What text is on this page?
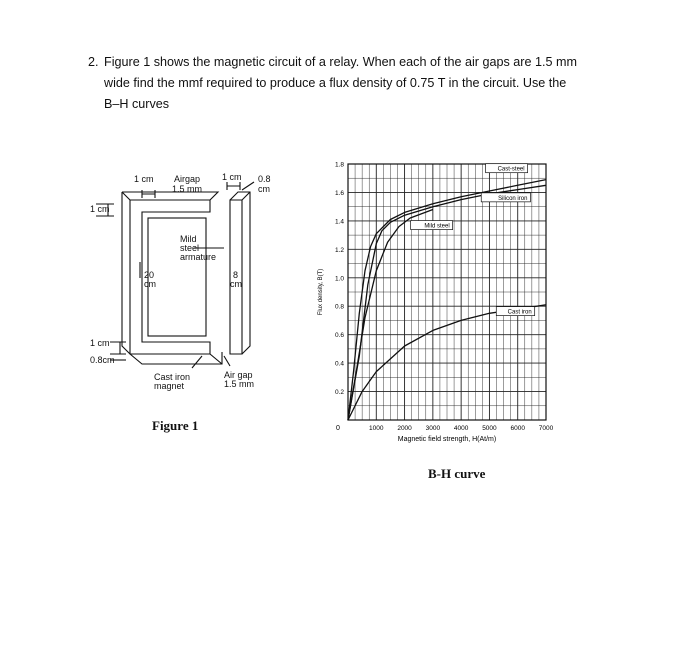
2. Figure 1 shows the magnetic circuit of a relay. When each of the air gaps are 1.5 mm
wide find the mmf required to produce a flux density of 0.75 T in the circuit. Use the
B–H curves
1 cm Airgap
1.5 mm
1 cm 0.8
cm
1 cm
20
cm
Mild
steel
armature
8
cm
1 cm
0.8cm
Cast iron
magnet
Air gap
1.5 mm
Figure 1	1000 2000 3000 4000 5000 6000 7000
0.2
0.4
0.6
0.8
1.0
1.2
1.4
1.6
1.8
Cast-steel
Silicon iron
Mild steel
Cast iron
Magnetic field strength, H(At/m)
Flux density, B(T)
0
B-H curve
